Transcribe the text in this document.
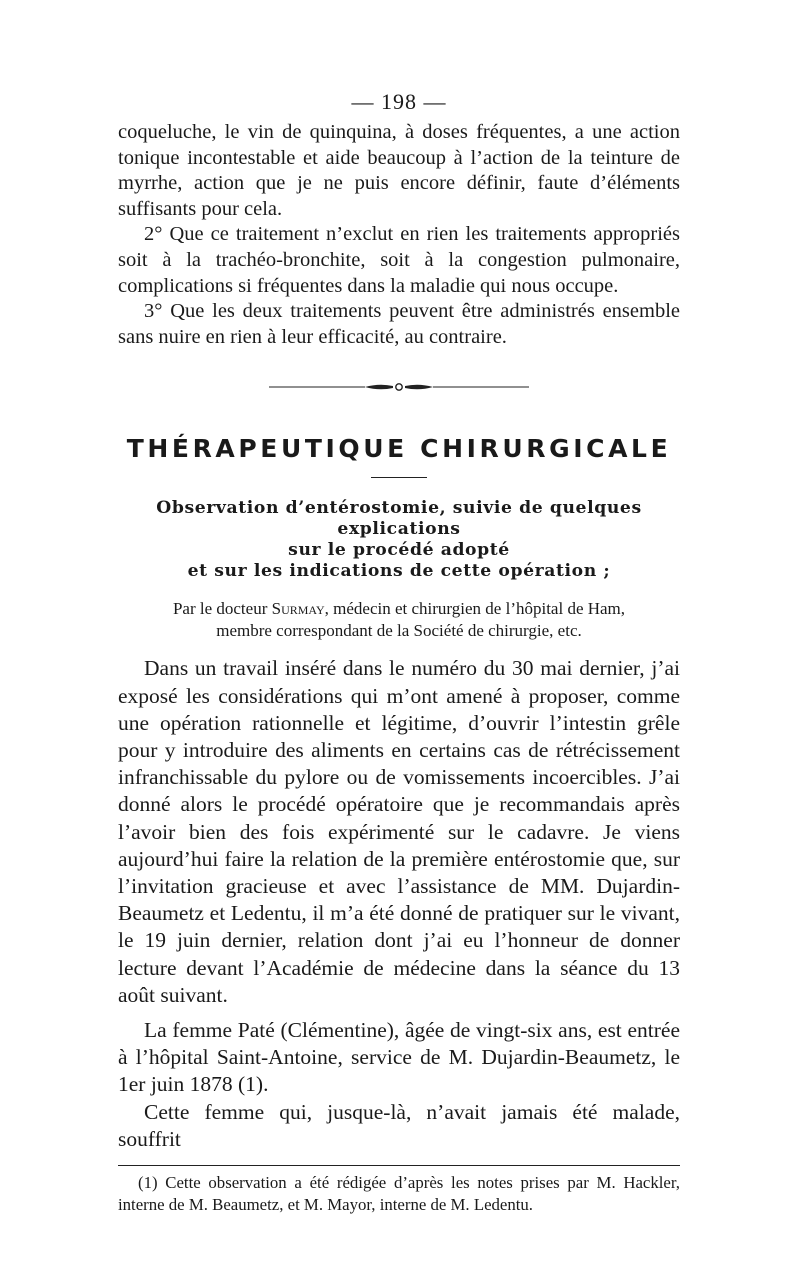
— 198 —

coqueluche, le vin de quinquina, à doses fréquentes, a une action tonique incontestable et aide beaucoup à l’action de la teinture de myrrhe, action que je ne puis encore définir, faute d’éléments suffisants pour cela.

2° Que ce traitement n’exclut en rien les traitements appropriés soit à la trachéo-bronchite, soit à la congestion pulmonaire, complications si fréquentes dans la maladie qui nous occupe.

3° Que les deux traitements peuvent être administrés ensemble sans nuire en rien à leur efficacité, au contraire.

THÉRAPEUTIQUE CHIRURGICALE
Observation d’entérostomie, suivie de quelques explications
sur le procédé adopté
et sur les indications de cette opération ;
Par le docteur Surmay, médecin et chirurgien de l’hôpital de Ham,
membre correspondant de la Société de chirurgie, etc.

Dans un travail inséré dans le numéro du 30 mai dernier, j’ai exposé les considérations qui m’ont amené à proposer, comme une opération rationnelle et légitime, d’ouvrir l’intestin grêle pour y introduire des aliments en certains cas de rétrécissement infranchissable du pylore ou de vomissements incoercibles. J’ai donné alors le procédé opératoire que je recommandais après l’avoir bien des fois expérimenté sur le cadavre. Je viens aujourd’hui faire la relation de la première entérostomie que, sur l’invitation gracieuse et avec l’assistance de MM. Dujardin-Beaumetz et Ledentu, il m’a été donné de pratiquer sur le vivant, le 19 juin dernier, relation dont j’ai eu l’honneur de donner lecture devant l’Académie de médecine dans la séance du 13 août suivant.

La femme Paté (Clémentine), âgée de vingt-six ans, est entrée à l’hôpital Saint-Antoine, service de M. Dujardin-Beaumetz, le 1er juin 1878 (1).

Cette femme qui, jusque-là, n’avait jamais été malade, souffrit

(1) Cette observation a été rédigée d’après les notes prises par M. Hackler, interne de M. Beaumetz, et M. Mayor, interne de M. Ledentu.
